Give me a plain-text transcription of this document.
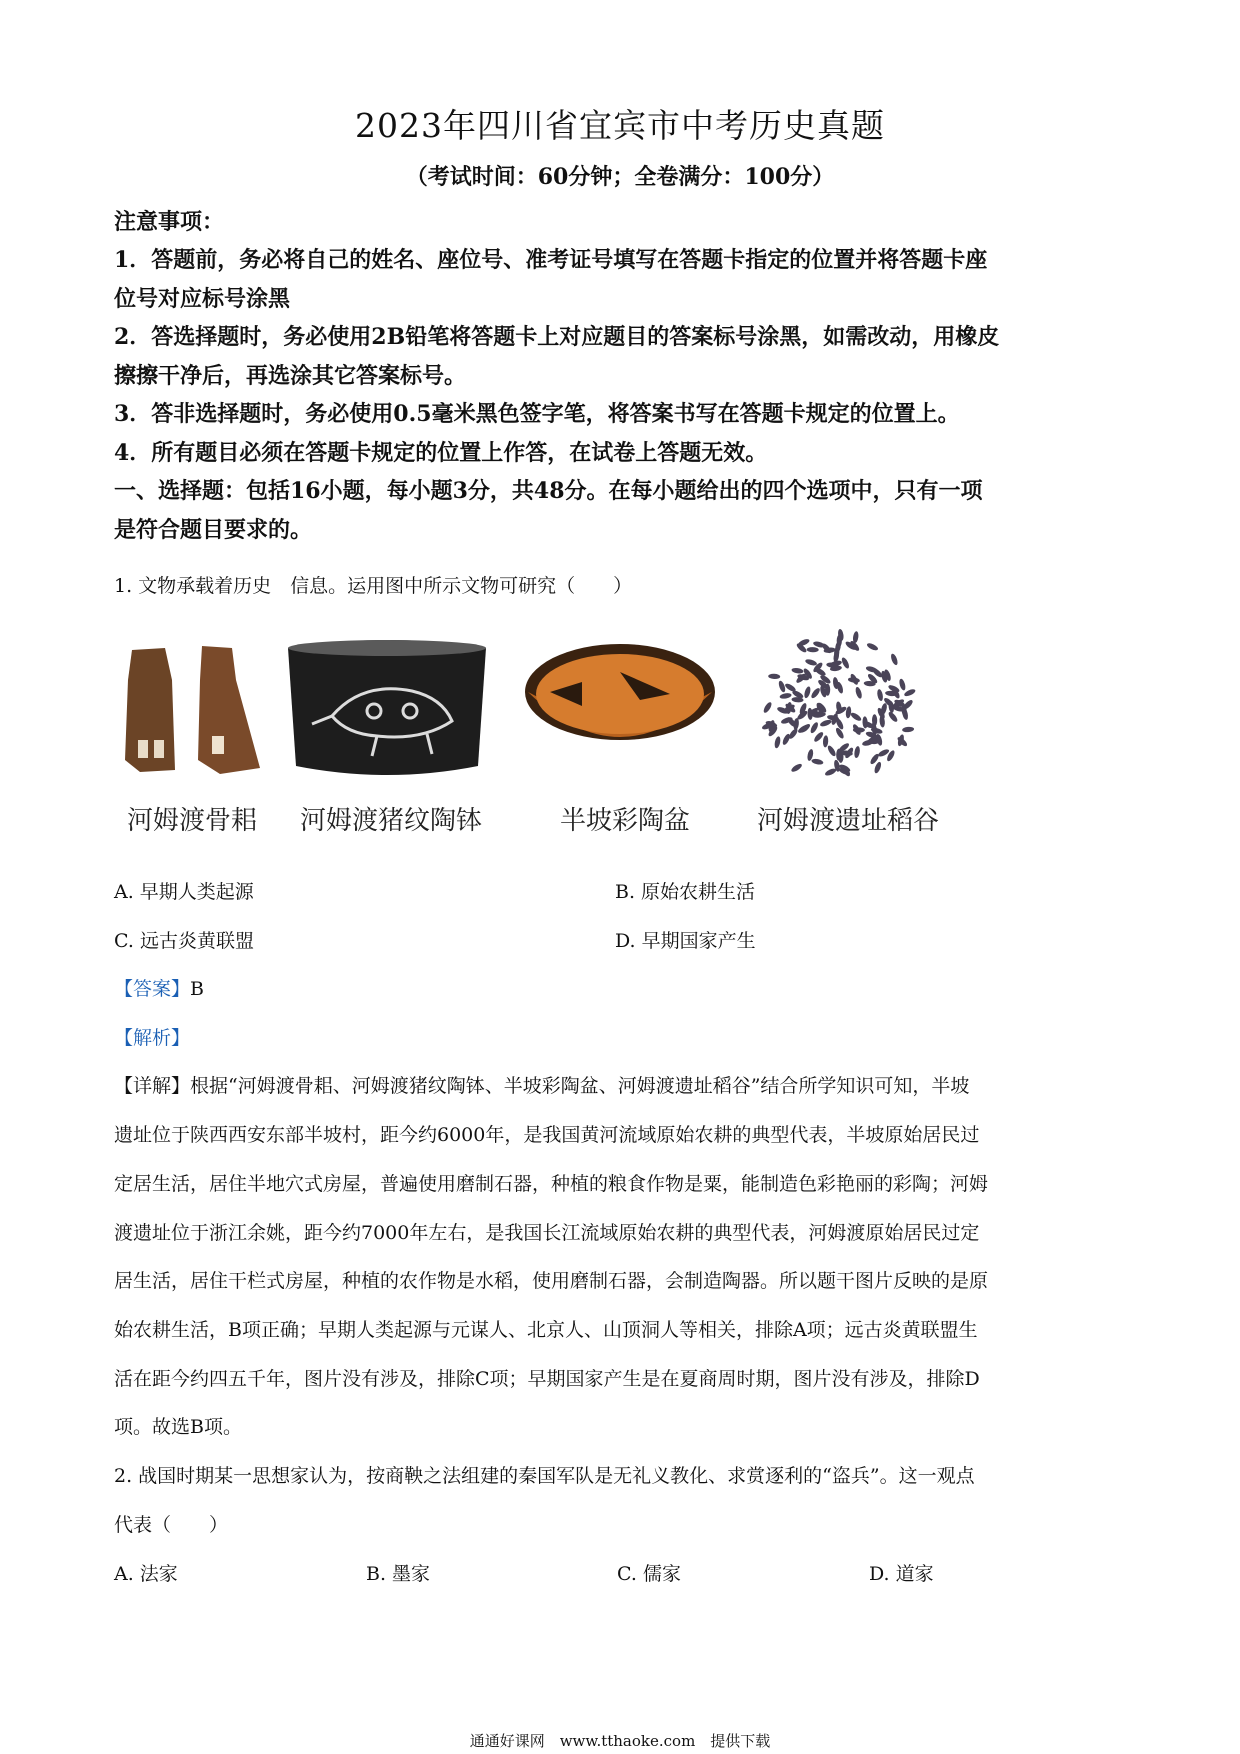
2023年四川省宜宾市中考历史真题
（考试时间：60分钟；全卷满分：100分）
注意事项：
1．答题前，务必将自己的姓名、座位号、准考证号填写在答题卡指定的位置并将答题卡座
位号对应标号涂黑
2．答选择题时，务必使用2B铅笔将答题卡上对应题目的答案标号涂黑，如需改动，用橡皮
擦擦干净后，再选涂其它答案标号。
3．答非选择题时，务必使用0.5毫米黑色签字笔，将答案书写在答题卡规定的位置上。
4．所有题目必须在答题卡规定的位置上作答，在试卷上答题无效。
一、选择题：包括16小题，每小题3分，共48分。在每小题给出的四个选项中，只有一项
是符合题目要求的。
1. 文物承载着历史　信息。运用图中所示文物可研究（　　）
河姆渡骨耜 河姆渡猪纹陶钵	半坡彩陶盆	河姆渡遗址稻谷
A. 早期人类起源	B. 原始农耕生活
C. 远古炎黄联盟	D. 早期国家产生
【答案】B
【解析】
【详解】根据“河姆渡骨耜、河姆渡猪纹陶钵、半坡彩陶盆、河姆渡遗址稻谷”结合所学知识可知，半坡
遗址位于陕西西安东部半坡村，距今约6000年，是我国黄河流域原始农耕的典型代表，半坡原始居民过
定居生活，居住半地穴式房屋，普遍使用磨制石器，种植的粮食作物是粟，能制造色彩艳丽的彩陶；河姆
渡遗址位于浙江余姚，距今约7000年左右，是我国长江流域原始农耕的典型代表，河姆渡原始居民过定
居生活，居住干栏式房屋，种植的农作物是水稻，使用磨制石器，会制造陶器。所以题干图片反映的是原
始农耕生活，B项正确；早期人类起源与元谋人、北京人、山顶洞人等相关，排除A项；远古炎黄联盟生
活在距今约四五千年，图片没有涉及，排除C项；早期国家产生是在夏商周时期，图片没有涉及，排除D
项。故选B项。
2. 战国时期某一思想家认为，按商鞅之法组建的秦国军队是无礼义教化、求赏逐利的“盗兵”。这一观点
代表（　　）
A. 法家	B. 墨家	C. 儒家	D. 道家
通通好课网　www.tthaoke.com　提供下载
